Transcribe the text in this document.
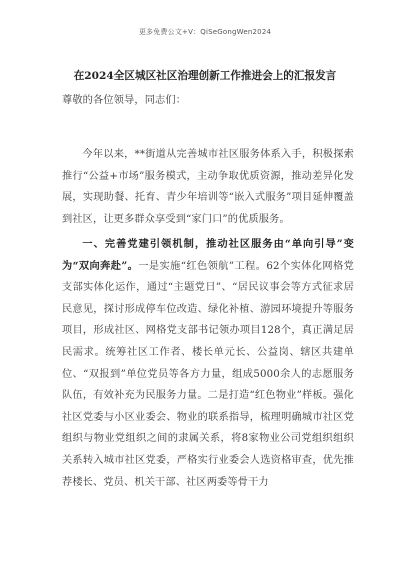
更多免费公文+V：QiSeGongWen2024
在2024全区城区社区治理创新工作推进会上的汇报发言
尊敬的各位领导，同志们：
今年以来，**街道从完善城市社区服务体系入手，积极探索推行“公益+市场”服务模式，主动争取优质资源，推动差异化发展，实现助餐、托育、青少年培训等“嵌入式服务”项目延伸覆盖到社区，让更多群众享受到“家门口”的优质服务。
一、完善党建引领机制，推动社区服务由“单向引导”变为“双向奔赴”。一是实施“红色领航”工程。62个实体化网格党支部实体化运作，通过“主题党日”、“居民议事会等方式征求居民意见，探讨形成停车位改造、绿化补植、游园环境提升等服务项目，形成社区、网格党支部书记领办项目128个，真正满足居民需求。统筹社区工作者、楼长单元长、公益岗、辖区共建单位、“双报到”单位党员等各方力量，组成5000余人的志愿服务队伍，有效补充为民服务力量。二是打造“红色物业”样板。强化社区党委与小区业委会、物业的联系指导，梳理明确城市社区党组织与物业党组织之间的隶属关系，将8家物业公司党组织组织关系转入城市社区党委，严格实行业委会人选资格审查，优先推荐楼长、党员、机关干部、社区两委等骨干力
